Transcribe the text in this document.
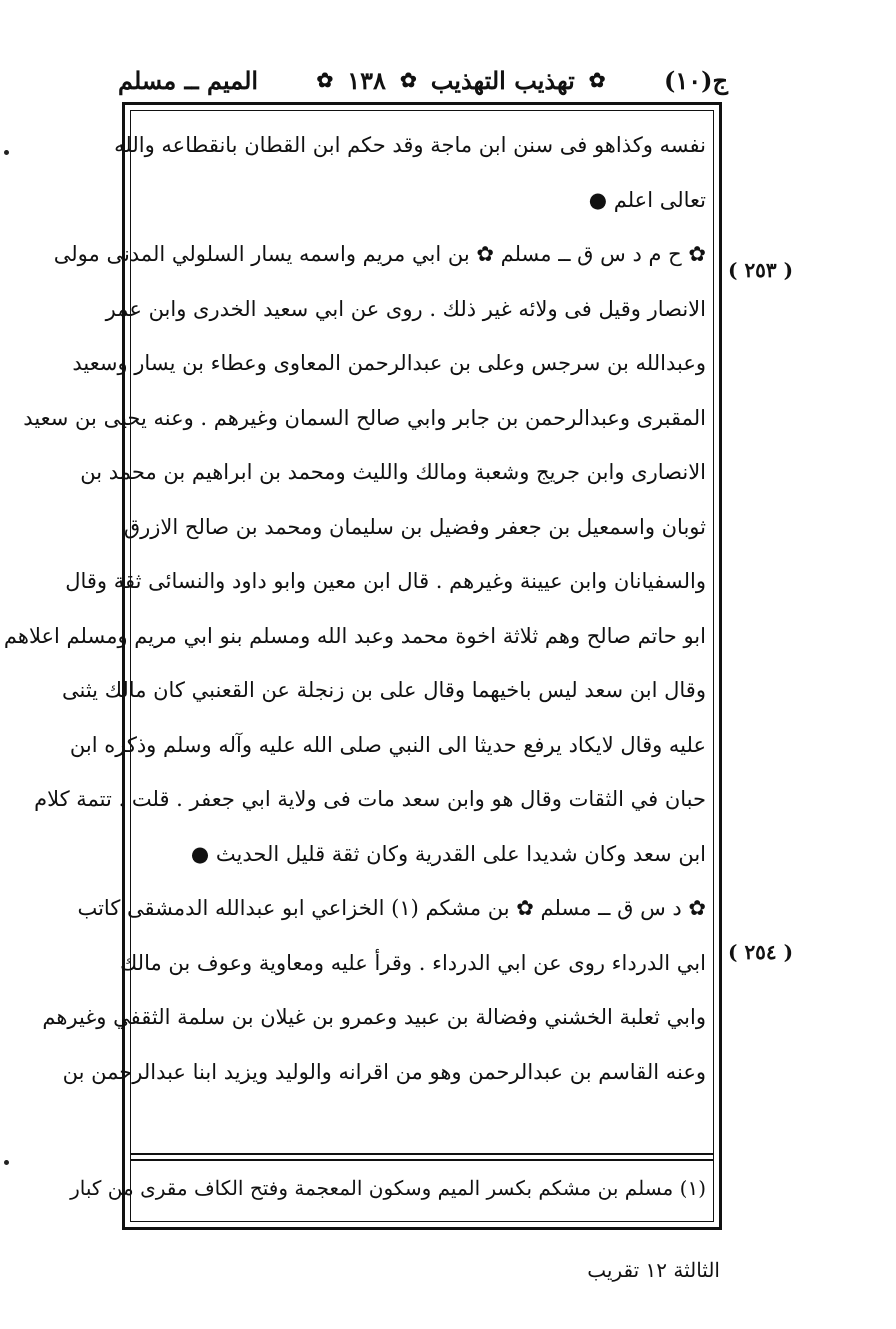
ج(١٠)
✿
تهذيب التهذيب
✿
١٣٨
✿
الميم ــ مسلم
نفسه وكذاهو فى سنن ابن ماجة وقد حكم ابن القطان بانقطاعه والله
تعالى اعلم ●
✿ ح م د س ق ــ مسلم ✿ بن ابي مريم واسمه يسار السلولي المدنى مولى
الانصار وقيل فى ولائه غير ذلك . روى عن ابي سعيد الخدرى وابن عمر
وعبدالله بن سرجس وعلى بن عبدالرحمن المعاوى وعطاء بن يسار وسعيد
المقبرى وعبدالرحمن بن جابر وابي صالح السمان وغيرهم . وعنه يحيى بن سعيد
الانصارى وابن جريج وشعبة ومالك والليث ومحمد بن ابراهيم بن محمد بن
ثوبان واسمعيل بن جعفر وفضيل بن سليمان ومحمد بن صالح الازرق
والسفيانان وابن عيينة وغيرهم . قال ابن معين وابو داود والنسائى ثقة وقال
ابو حاتم صالح وهم ثلاثة اخوة محمد وعبد الله ومسلم بنو ابي مريم ومسلم اعلاهم
وقال ابن سعد ليس باخيهما وقال على بن زنجلة عن القعنبي كان مالك يثنى
عليه وقال لايكاد يرفع حديثا الى النبي صلى الله عليه وآله وسلم وذكره ابن
حبان في الثقات وقال هو وابن سعد مات فى ولاية ابي جعفر . قلت . تتمة كلام
ابن سعد وكان شديدا على القدرية وكان ثقة قليل الحديث ●
✿ د س ق ــ مسلم ✿ بن مشكم (١) الخزاعي ابو عبدالله الدمشقى كاتب
ابي الدرداء روى عن ابي الدرداء . وقرأ عليه ومعاوية وعوف بن مالك
وابي ثعلبة الخشني وفضالة بن عبيد وعمرو بن غيلان بن سلمة الثقفي وغيرهم
وعنه القاسم بن عبدالرحمن وهو من اقرانه والوليد ويزيد ابنا عبدالرحمن بن
( ٢٥٣ )
( ٢٥٤ )
(١) مسلم بن مشكم بكسر الميم وسكون المعجمة وفتح الكاف مقرى من كبار
الثالثة ١٢ تقريب
